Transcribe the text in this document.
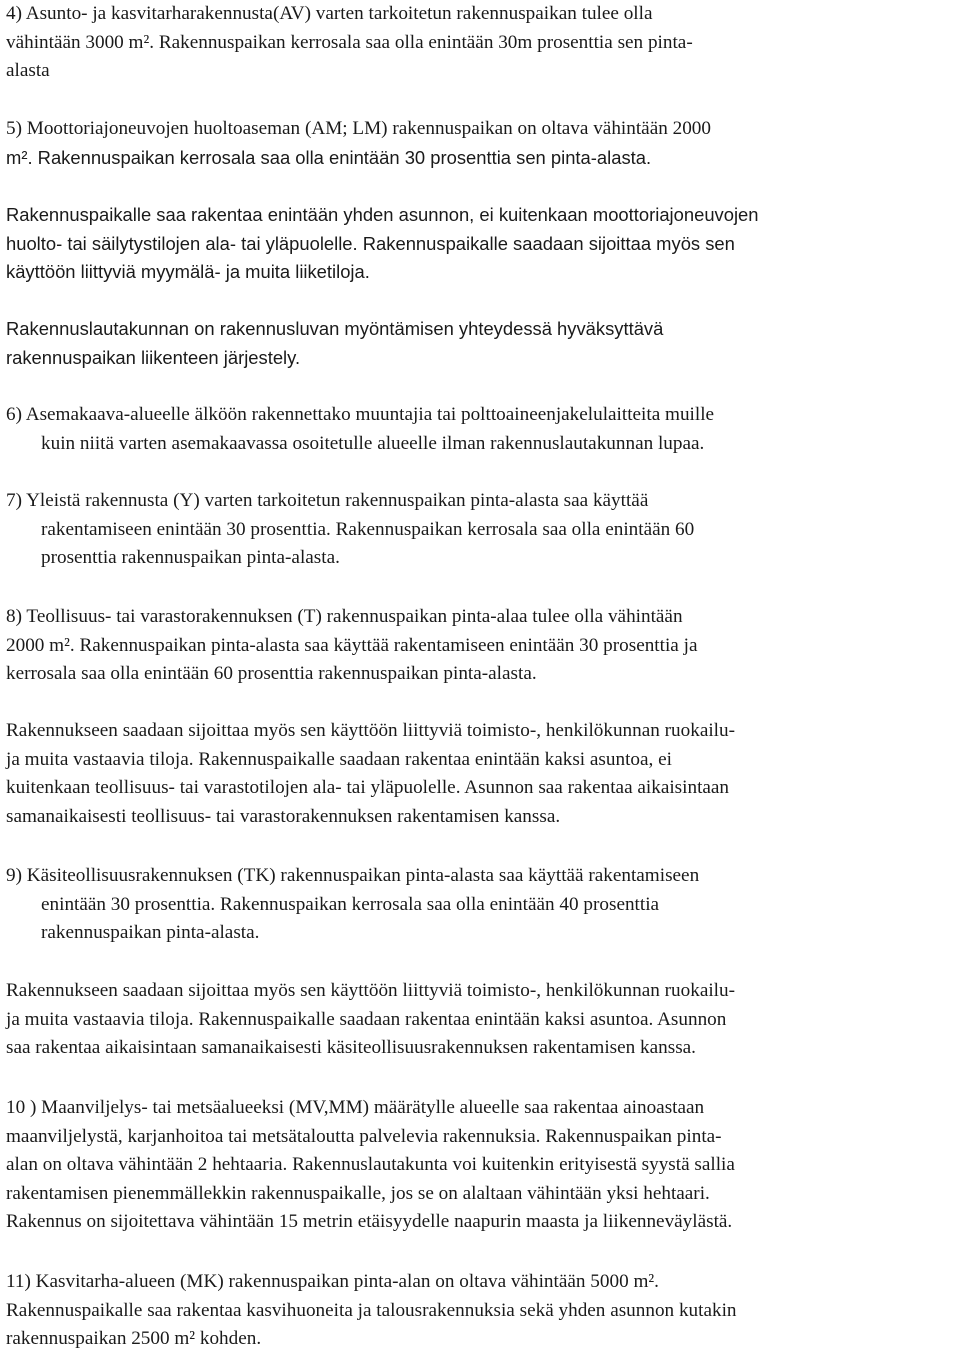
4) Asunto- ja kasvitarharakennusta(AV) varten tarkoitetun rakennuspaikan tulee olla
vähintään 3000 m². Rakennuspaikan kerrosala saa olla enintään 30m prosenttia sen pinta-
alasta

5) Moottoriajoneuvojen huoltoaseman (AM; LM) rakennuspaikan on oltava vähintään 2000
m². Rakennuspaikan kerrosala saa olla enintään 30 prosenttia sen pinta-alasta.

Rakennuspaikalle saa rakentaa enintään yhden asunnon, ei kuitenkaan moottoriajoneuvojen
huolto- tai säilytystilojen ala- tai yläpuolelle. Rakennuspaikalle saadaan sijoittaa myös sen
käyttöön liittyviä myymälä- ja muita liiketiloja.

Rakennuslautakunnan on rakennusluvan myöntämisen yhteydessä hyväksyttävä
rakennuspaikan liikenteen järjestely.

6) Asemakaava-alueelle älköön rakennettako muuntajia tai polttoaineenjakelulaitteita muille
kuin niitä varten asemakaavassa osoitetulle alueelle ilman rakennuslautakunnan lupaa.

7) Yleistä rakennusta (Y) varten tarkoitetun rakennuspaikan pinta-alasta saa käyttää
rakentamiseen enintään 30 prosenttia. Rakennuspaikan kerrosala saa olla enintään 60
prosenttia rakennuspaikan pinta-alasta.

8) Teollisuus- tai varastorakennuksen (T) rakennuspaikan pinta-alaa tulee olla vähintään
2000 m². Rakennuspaikan pinta-alasta saa käyttää rakentamiseen enintään 30 prosenttia ja
kerrosala saa olla enintään 60 prosenttia rakennuspaikan pinta-alasta.

Rakennukseen saadaan sijoittaa myös sen käyttöön liittyviä toimisto-, henkilökunnan ruokailu-
ja muita vastaavia tiloja. Rakennuspaikalle saadaan rakentaa enintään kaksi asuntoa, ei
kuitenkaan teollisuus- tai varastotilojen ala- tai yläpuolelle. Asunnon saa rakentaa aikaisintaan
samanaikaisesti teollisuus- tai varastorakennuksen rakentamisen kanssa.

9) Käsiteollisuusrakennuksen (TK) rakennuspaikan pinta-alasta saa käyttää rakentamiseen
enintään 30 prosenttia. Rakennuspaikan kerrosala saa olla enintään 40 prosenttia
rakennuspaikan pinta-alasta.

Rakennukseen saadaan sijoittaa myös sen käyttöön liittyviä toimisto-, henkilökunnan ruokailu-
ja muita vastaavia tiloja. Rakennuspaikalle saadaan rakentaa enintään kaksi asuntoa. Asunnon
saa rakentaa aikaisintaan samanaikaisesti käsiteollisuusrakennuksen rakentamisen kanssa.

10 ) Maanviljelys- tai metsäalueeksi (MV,MM) määrätylle alueelle saa rakentaa ainoastaan
maanviljelystä, karjanhoitoa tai metsätaloutta palvelevia rakennuksia. Rakennuspaikan pinta-
alan on oltava vähintään 2 hehtaaria. Rakennuslautakunta voi kuitenkin erityisestä syystä sallia
rakentamisen pienemmällekkin rakennuspaikalle, jos se on alaltaan vähintään yksi hehtaari.
Rakennus on sijoitettava vähintään 15 metrin etäisyydelle naapurin maasta ja liikenneväylästä.

11) Kasvitarha-alueen (MK) rakennuspaikan pinta-alan on oltava vähintään 5000 m².
Rakennuspaikalle saa rakentaa kasvihuoneita ja talousrakennuksia sekä yhden asunnon kutakin
rakennuspaikan 2500 m² kohden.
